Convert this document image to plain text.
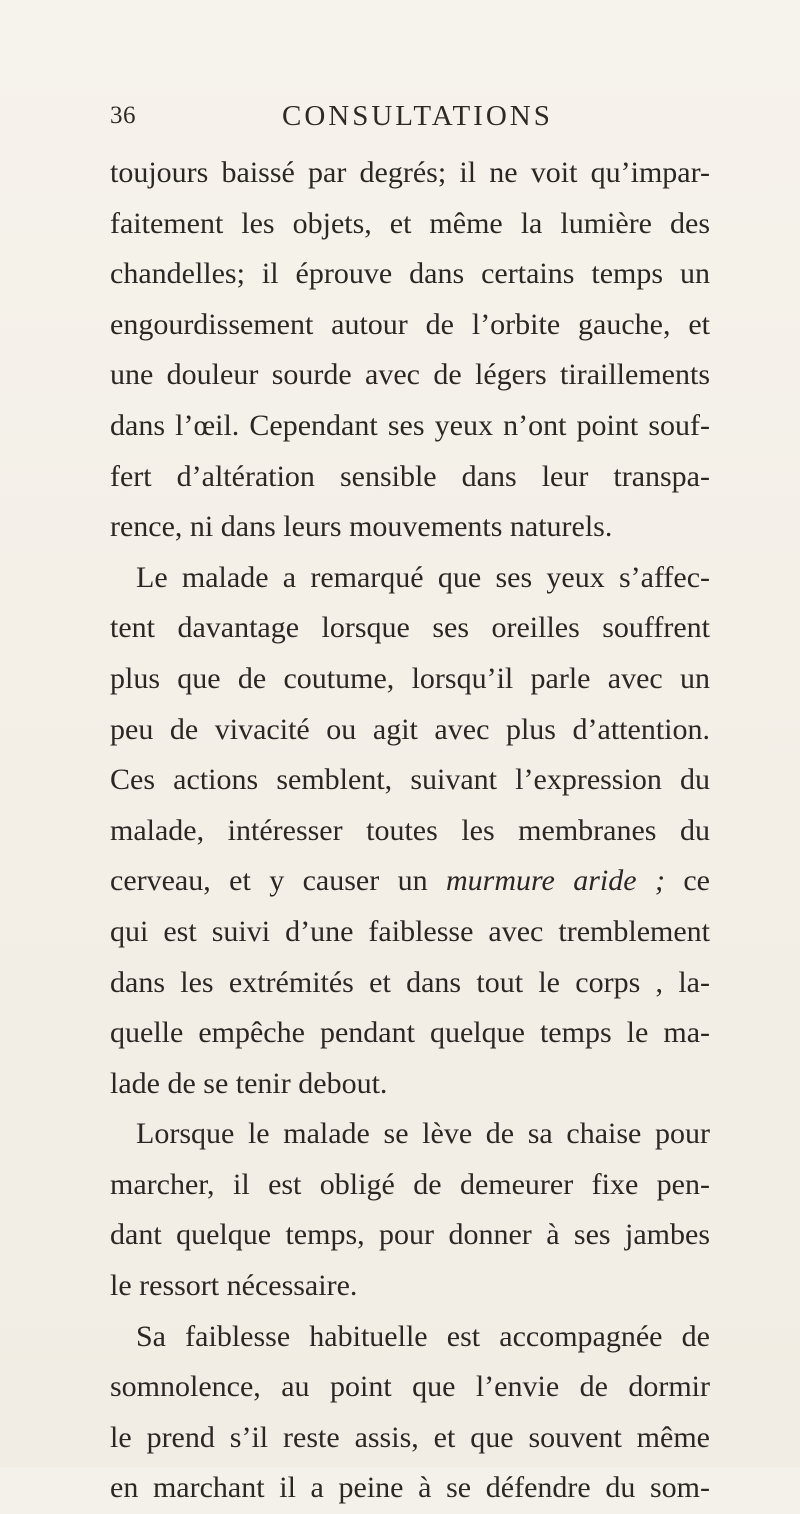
36	CONSULTATIONS
toujours baissé par degrés; il ne voit qu’impar-
faitement les objets, et même la lumière des
chandelles; il éprouve dans certains temps un
engourdissement autour de l’orbite gauche, et
une douleur sourde avec de légers tiraillements
dans l’œil. Cependant ses yeux n’ont point souf-
fert d’altération sensible dans leur transpa-
rence, ni dans leurs mouvements naturels.
Le malade a remarqué que ses yeux s’affec-
tent davantage lorsque ses oreilles souffrent
plus que de coutume, lorsqu’il parle avec un
peu de vivacité ou agit avec plus d’attention.
Ces actions semblent, suivant l’expression du
malade, intéresser toutes les membranes du
cerveau, et y causer un murmure aride ; ce
qui est suivi d’une faiblesse avec tremblement
dans les extrémités et dans tout le corps , la-
quelle empêche pendant quelque temps le ma-
lade de se tenir debout.
Lorsque le malade se lève de sa chaise pour
marcher, il est obligé de demeurer fixe pen-
dant quelque temps, pour donner à ses jambes
le ressort nécessaire.
Sa faiblesse habituelle est accompagnée de
somnolence, au point que l’envie de dormir
le prend s’il reste assis, et que souvent même
en marchant il a peine à se défendre du som-
